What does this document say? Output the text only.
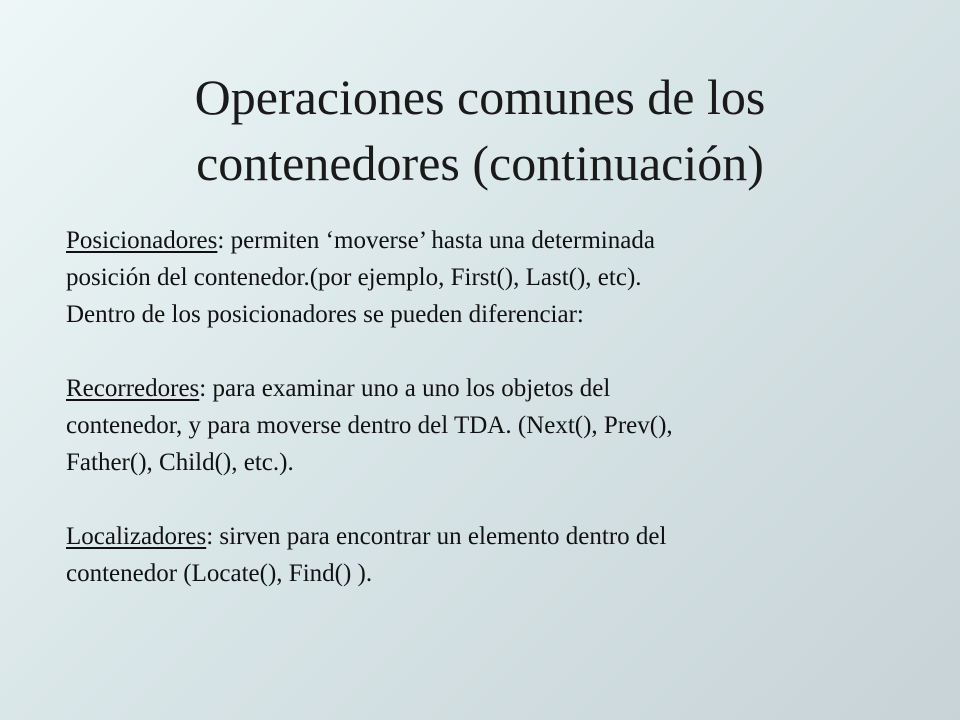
Operaciones comunes de los
contenedores (continuación)
Posicionadores: permiten ‘moverse’ hasta una determinada
posición del contenedor.(por ejemplo, First(), Last(), etc).
Dentro de los posicionadores se pueden diferenciar:
Recorredores: para examinar uno a uno los objetos del
contenedor, y para moverse dentro del TDA. (Next(), Prev(),
Father(), Child(), etc.).
Localizadores: sirven para encontrar un elemento dentro del
contenedor (Locate(), Find() ).
